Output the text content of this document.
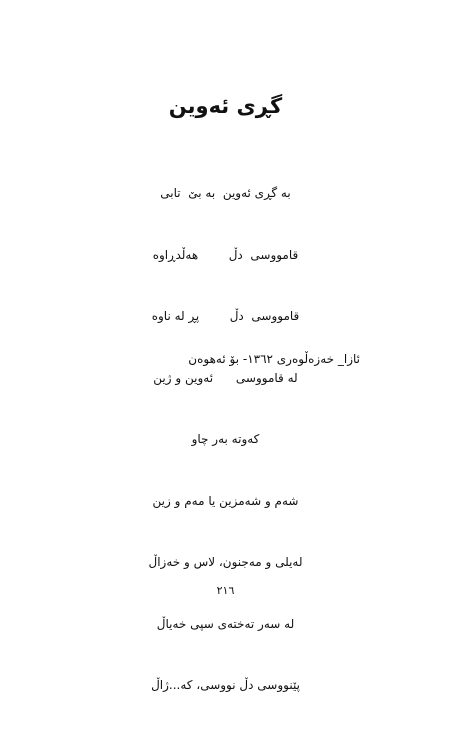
گڕی ئەوین

بە گڕی ئەوین  بە بێ  تابی

قامووسی  دڵ        هەڵدڕاوە

قامووسی  دڵ        پڕ لە ناوە

لە قامووسی      ئەوین و ژین

کەوتە بەر چاو

شەم و شەمزین یا مەم و زین

لەیلی و مەجنون، لاس و خەزاڵ

لە سەر تەختەی سپی خەیاڵ

پێنووسی دڵ نووسی، کە...ژاڵ

ئازا_ خەزەڵوەری ١٣٦٢- بۆ ئەهوەن
٢١٦
